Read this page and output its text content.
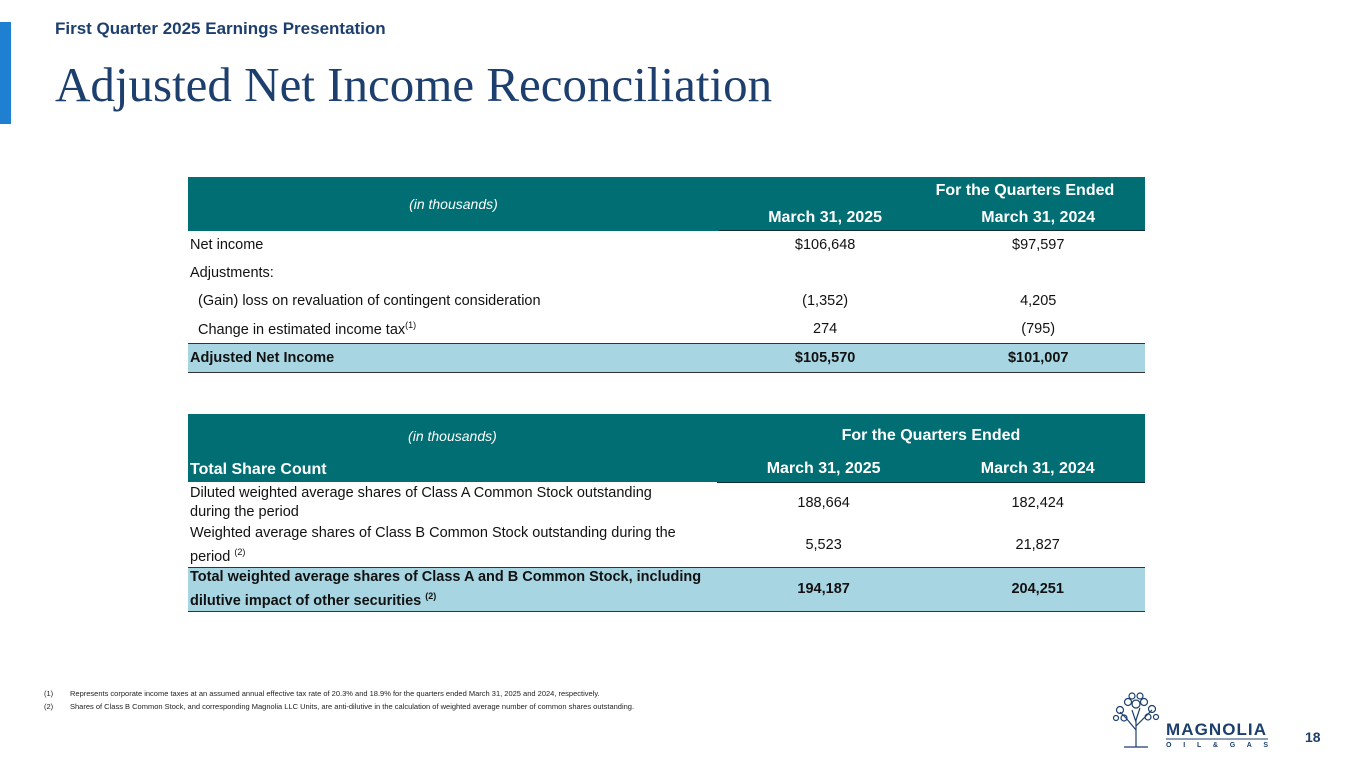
First Quarter 2025 Earnings Presentation
Adjusted Net Income Reconciliation
(in thousands)	For the Quarters Ended	
	March 31, 2025	March 31, 2024
Net income	$106,648	$97,597
Adjustments:		
(Gain) loss on revaluation of contingent consideration	(1,352)	4,205
Change in estimated income tax$^{(1)}$	274	(795)
Adjusted Net Income	$105,570	$101,007
(in thousands)	For the Quarters Ended	
Total Share Count	March 31, 2025	March 31, 2024

Diluted weighted average shares of Class A Common Stock outstanding
during the period	188,664	182,424

Weighted average shares of Class B Common Stock outstanding during the
period $^{(2)}$	5,523	21,827

Total weighted average shares of Class A and B Common Stock, including
dilutive impact of other securities $^{(2)}$	194,187	204,251
(1)	Represents corporate income taxes at an assumed annual effective tax rate of 20.3% and 18.9% for the quarters ended March 31, 2025 and 2024, respectively.
(2)	Shares of Class B Common Stock, and corresponding Magnolia LLC Units, are anti-dilutive in the calculation of weighted average number of common shares outstanding.
MAGNOLIA
O I L & G A S
18
